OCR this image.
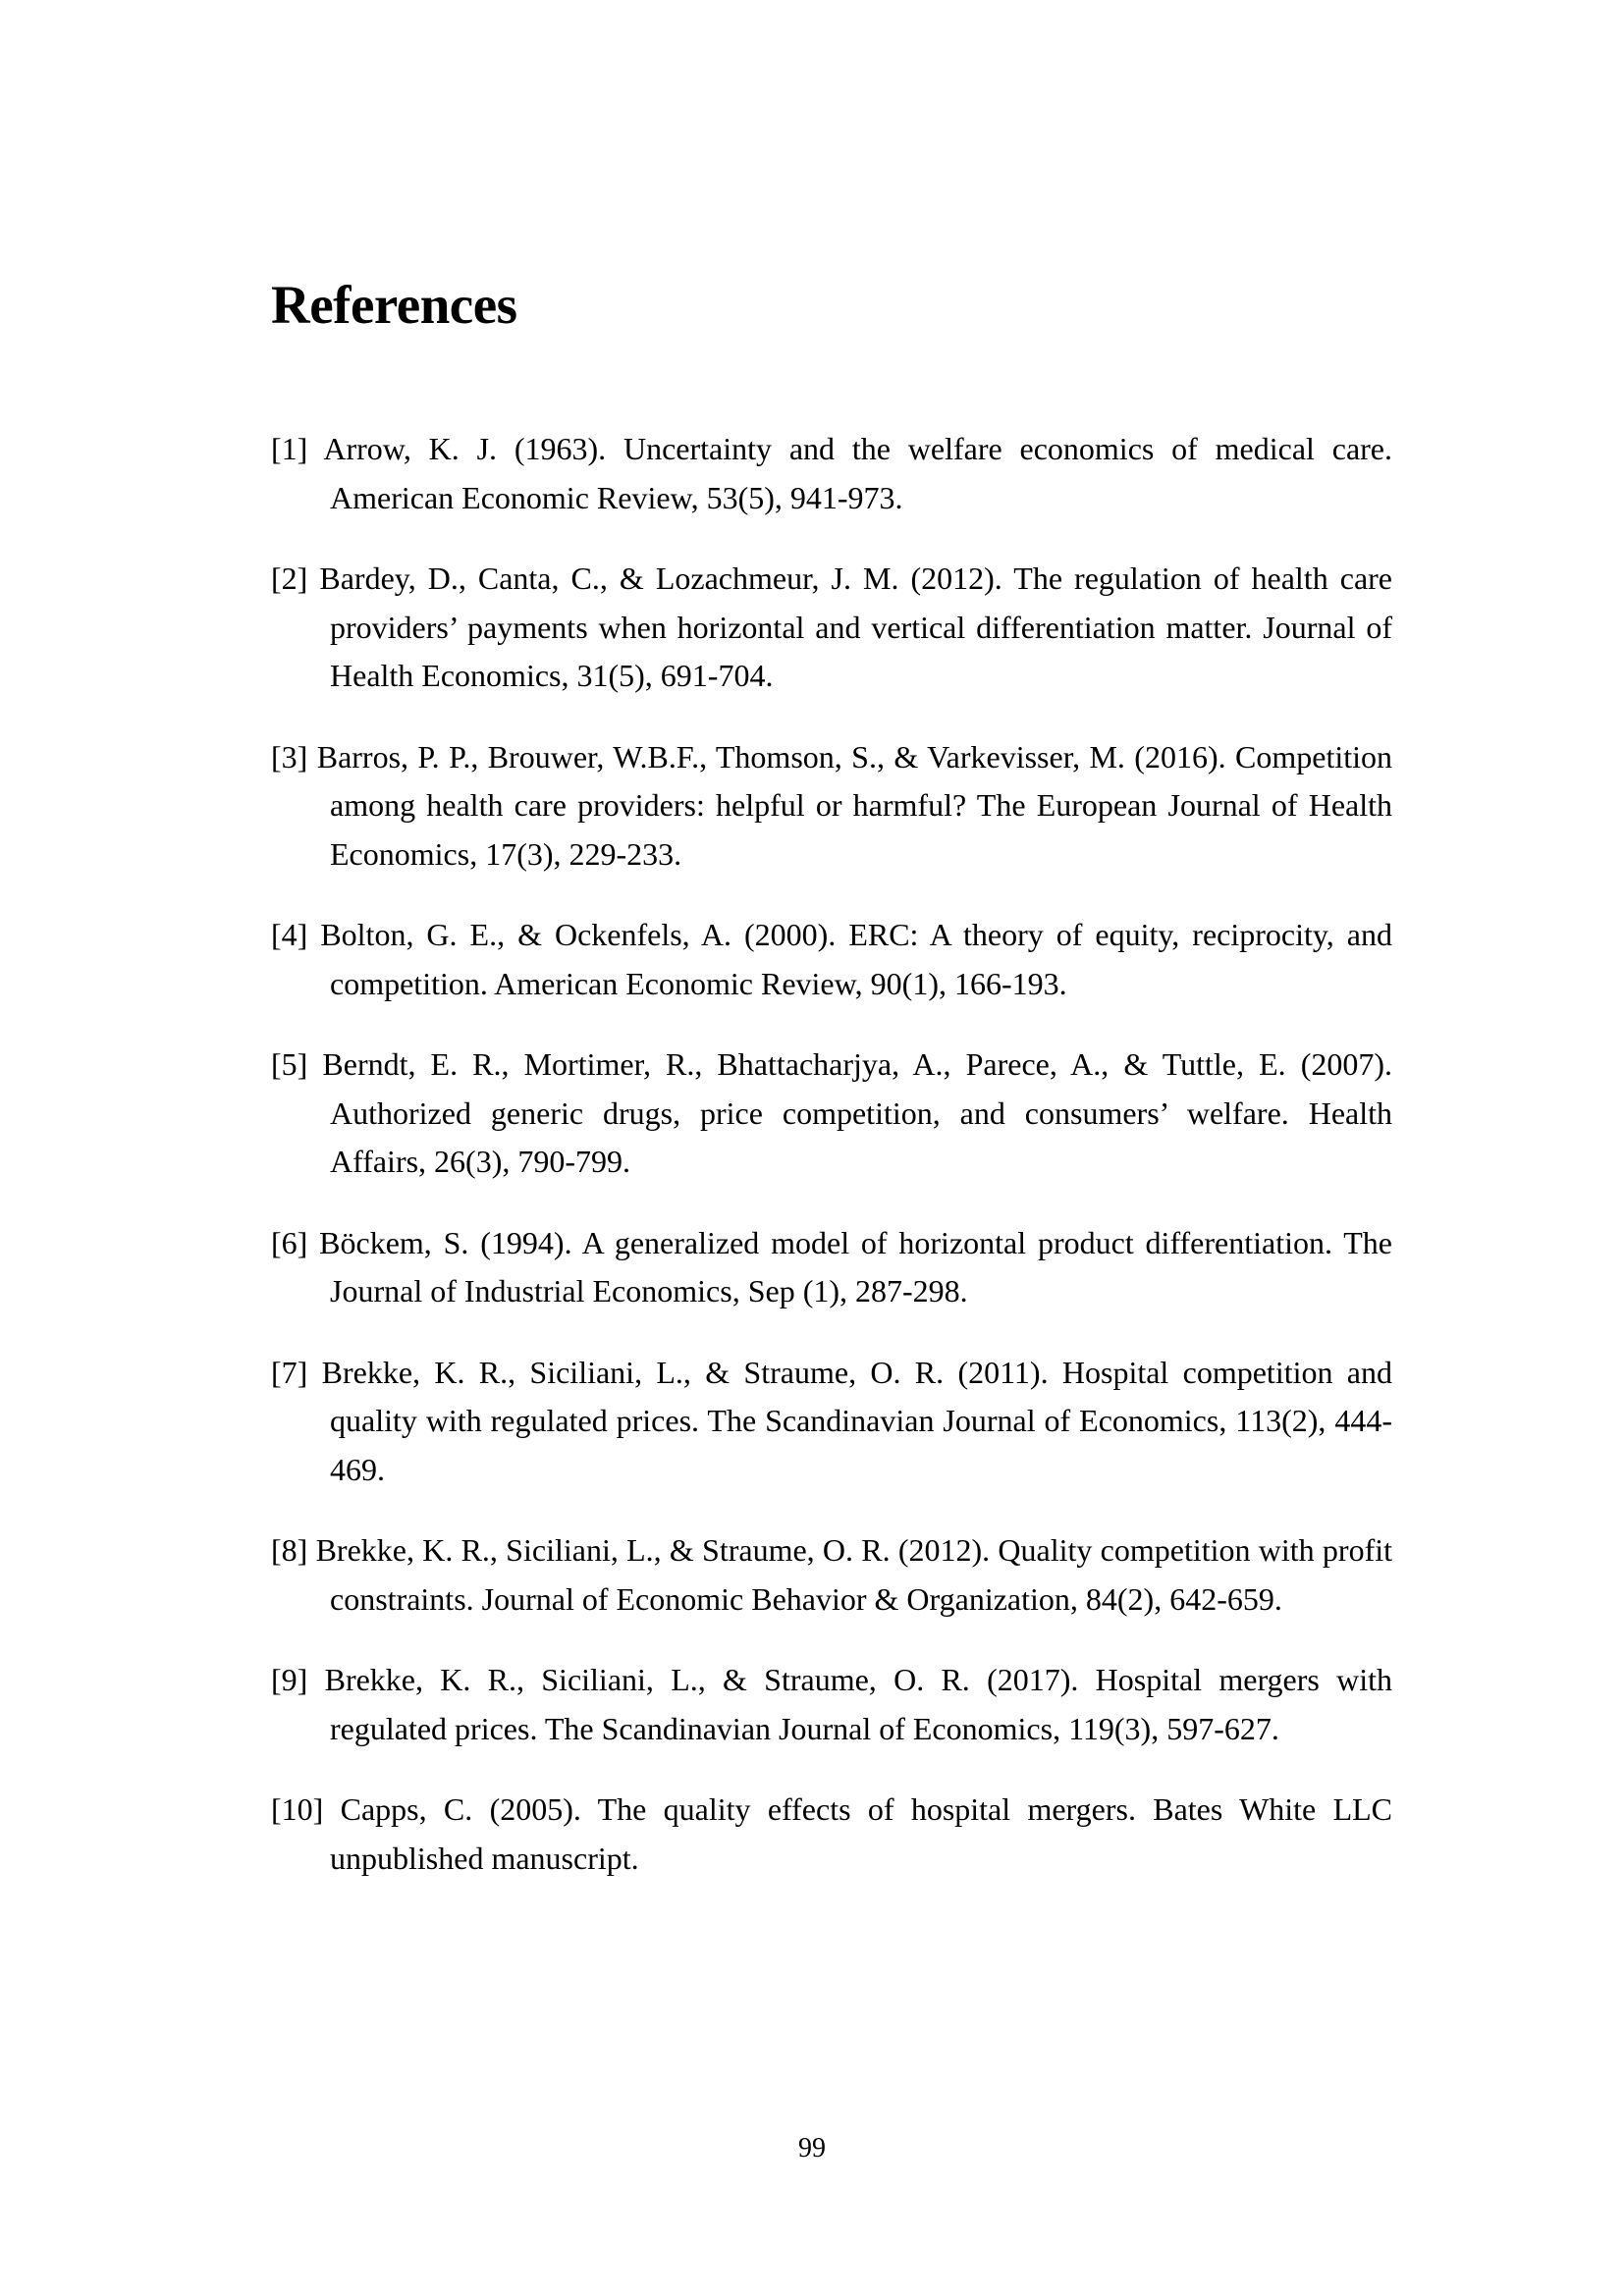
References
[1] Arrow, K. J. (1963). Uncertainty and the welfare economics of medical care. American Economic Review, 53(5), 941-973.
[2] Bardey, D., Canta, C., & Lozachmeur, J. M. (2012). The regulation of health care providers’ payments when horizontal and vertical differentiation matter. Journal of Health Economics, 31(5), 691-704.
[3] Barros, P. P., Brouwer, W.B.F., Thomson, S., & Varkevisser, M. (2016). Competition among health care providers: helpful or harmful? The European Journal of Health Economics, 17(3), 229-233.
[4] Bolton, G. E., & Ockenfels, A. (2000). ERC: A theory of equity, reciprocity, and competition. American Economic Review, 90(1), 166-193.
[5] Berndt, E. R., Mortimer, R., Bhattacharjya, A., Parece, A., & Tuttle, E. (2007). Authorized generic drugs, price competition, and consumers’ welfare. Health Affairs, 26(3), 790-799.
[6] Böckem, S. (1994). A generalized model of horizontal product differentiation. The Journal of Industrial Economics, Sep (1), 287-298.
[7] Brekke, K. R., Siciliani, L., & Straume, O. R. (2011). Hospital competition and quality with regulated prices. The Scandinavian Journal of Economics, 113(2), 444-469.
[8] Brekke, K. R., Siciliani, L., & Straume, O. R. (2012). Quality competition with profit constraints. Journal of Economic Behavior & Organization, 84(2), 642-659.
[9] Brekke, K. R., Siciliani, L., & Straume, O. R. (2017). Hospital mergers with regulated prices. The Scandinavian Journal of Economics, 119(3), 597-627.
[10] Capps, C. (2005). The quality effects of hospital mergers. Bates White LLC unpublished manuscript.

99
